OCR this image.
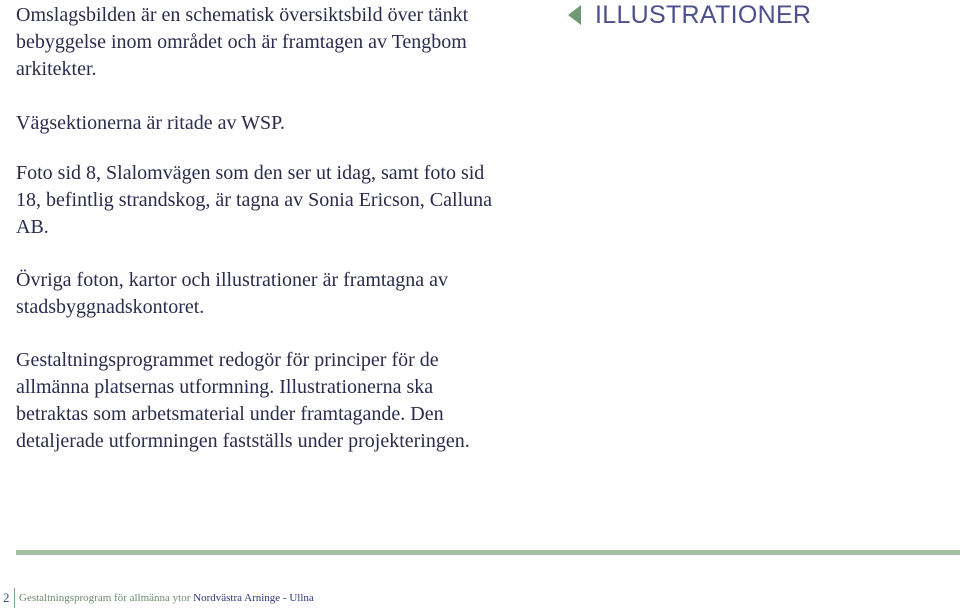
Omslagsbilden är en schematisk översiktsbild över tänkt bebyggelse inom området och är framtagen av Tengbom arkitekter.

Vägsektionerna är ritade av WSP.

Foto sid 8, Slalomvägen som den ser ut idag, samt foto sid 18, befintlig strandskog, är tagna av Sonia Ericson, Calluna AB.

Övriga foton, kartor och illustrationer är framtagna av stadsbyggnadskontoret.

Gestaltningsprogrammet redogör för principer för de allmänna platsernas utformning. Illustrationerna ska betraktas som arbetsmaterial under framtagande. Den detaljerade utformningen fastställs under projekteringen.

ILLUSTRATIONER
2 Gestaltningsprogram för allmänna ytor Nordvästra Arninge - Ullna
